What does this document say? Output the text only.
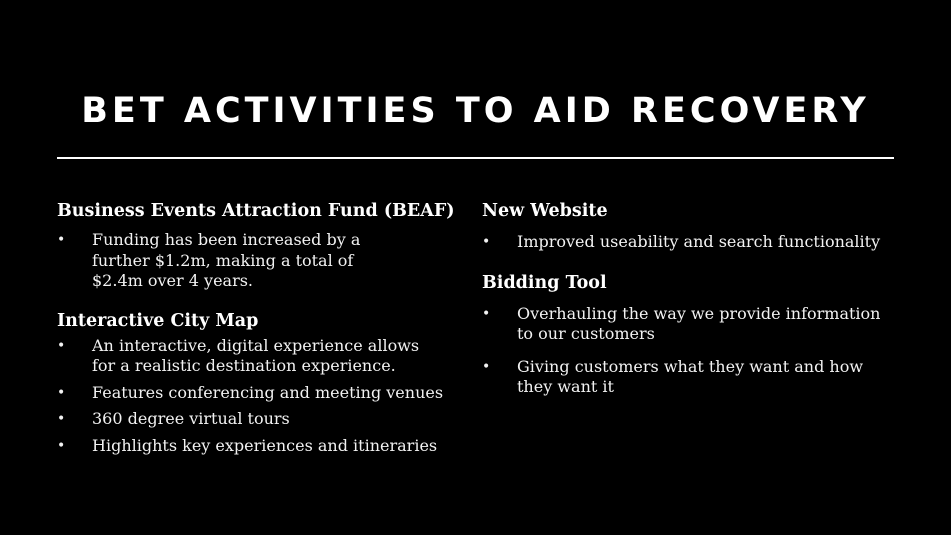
BET ACTIVITIES TO AID RECOVERY
Business Events Attraction Fund (BEAF)
• Funding has been increased by a further $1.2m, making a total of $2.4m over 4 years.
Interactive City Map
• An interactive, digital experience allows for a realistic destination experience.
• Features conferencing and meeting venues
• 360 degree virtual tours
• Highlights key experiences and itineraries
New Website
• Improved useability and search functionality
Bidding Tool
• Overhauling the way we provide information to our customers
• Giving customers what they want and how they want it
